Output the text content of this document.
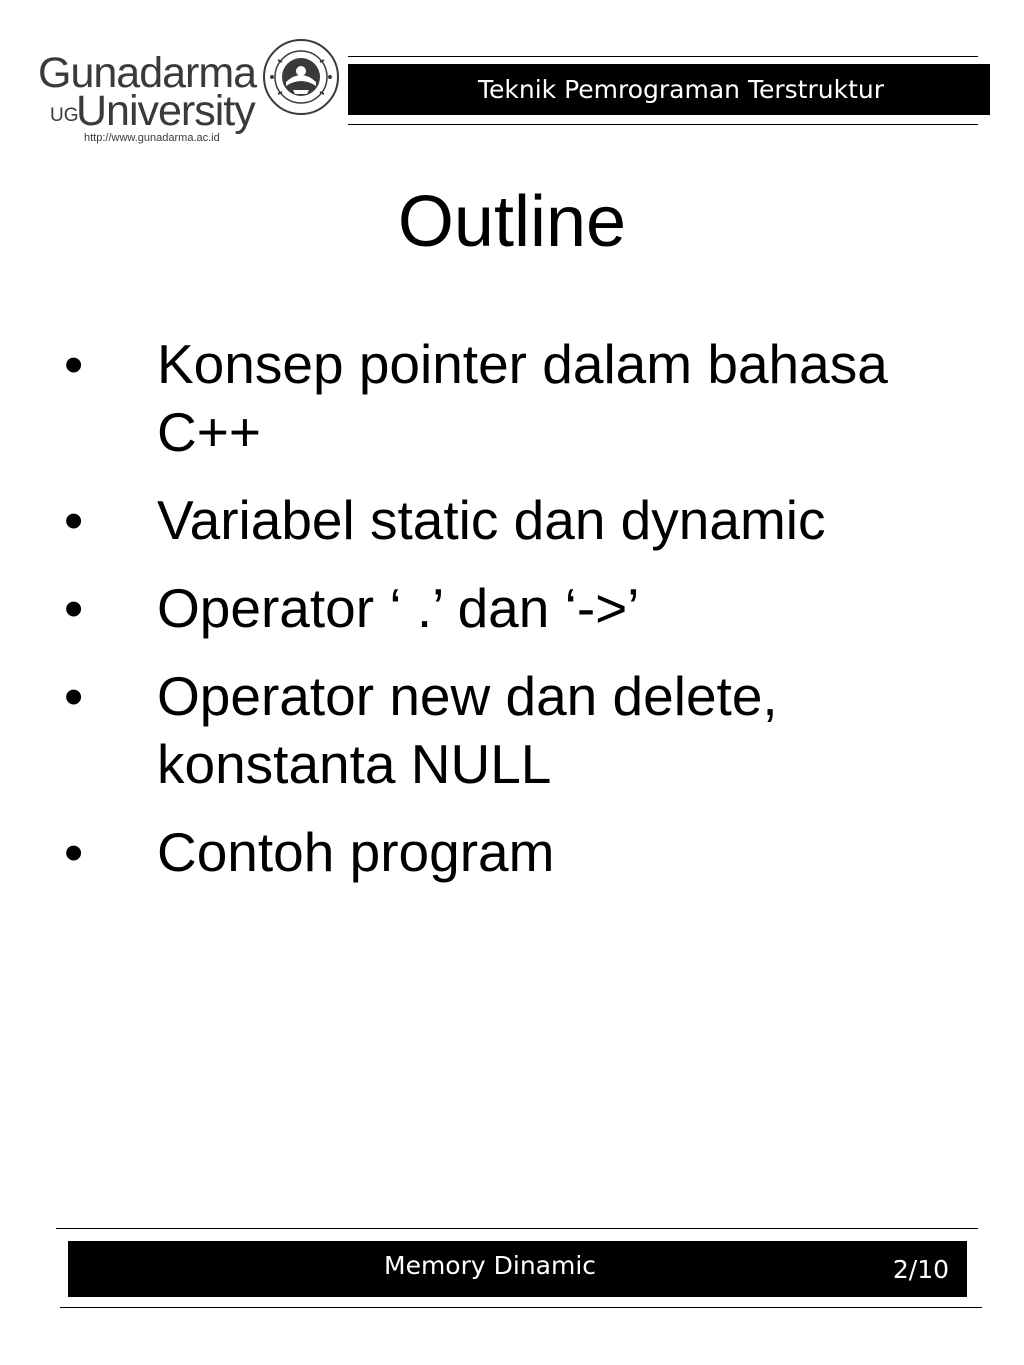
Gunadarma
UG
University
http://www.gunadarma.ac.id
Teknik Pemrograman Terstruktur
Outline
• Konsep pointer dalam bahasa C++
• Variabel static dan dynamic
• Operator ‘ .’ dan ‘->’
• Operator new dan delete, konstanta NULL
• Contoh program
Memory Dinamic	2/10
